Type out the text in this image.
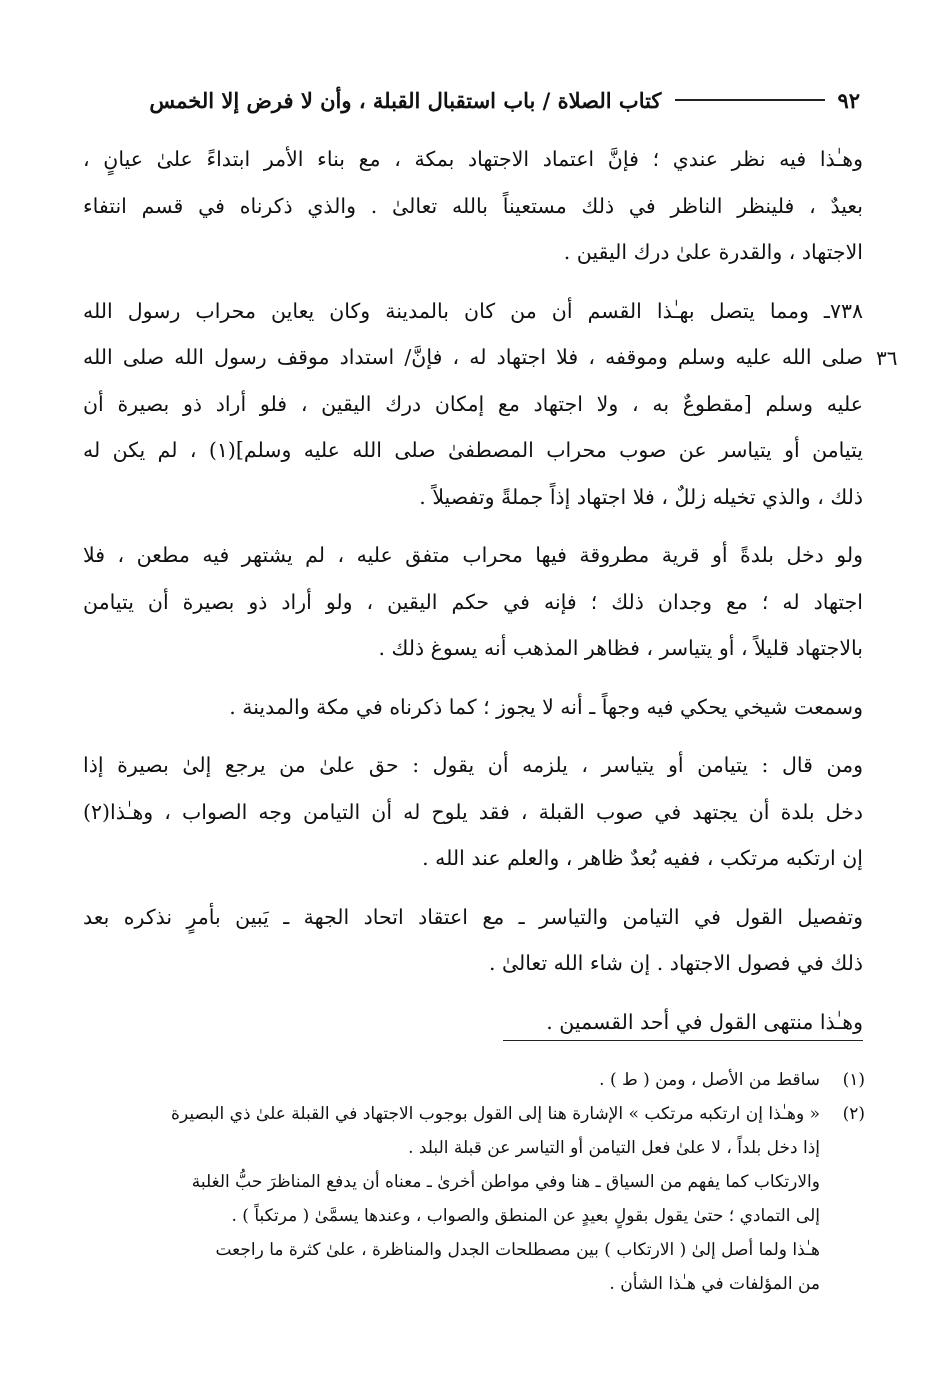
٩٢
كتاب الصلاة / باب استقبال القبلة ، وأن لا فرض إلا الخمس
٣٦

وهـٰذا فيه نظر عندي ؛ فإنَّ اعتماد الاجتهاد بمكة ، مع بناء الأمر ابتداءً علىٰ عيانٍ ،
بعيدٌ ، فلينظر الناظر في ذلك مستعيناً بالله تعالىٰ . والذي ذكرناه في قسم انتفاء
الاجتهاد ، والقدرة علىٰ درك اليقين .

٧٣٨ـ ومما يتصل بهـٰذا القسم أن من كان بالمدينة وكان يعاين محراب رسول الله
صلى الله عليه وسلم وموقفه ، فلا اجتهاد له ، فإنَّ/ استداد موقف رسول الله صلى الله
عليه وسلم [مقطوعٌ به ، ولا اجتهاد مع إمكان درك اليقين ، فلو أراد ذو بصيرة أن
يتيامن أو يتياسر عن صوب محراب المصطفىٰ صلى الله عليه وسلم](١) ، لم يكن له
ذلك ، والذي تخيله زللٌ ، فلا اجتهاد إذاً جملةً وتفصيلاً .

ولو دخل بلدةً أو قرية مطروقة فيها محراب متفق عليه ، لم يشتهر فيه مطعن ، فلا
اجتهاد له ؛ مع وجدان ذلك ؛ فإنه في حكم اليقين ، ولو أراد ذو بصيرة أن يتيامن
بالاجتهاد قليلاً ، أو يتياسر ، فظاهر المذهب أنه يسوغ ذلك .

وسمعت شيخي يحكي فيه وجهاً ـ أنه لا يجوز ؛ كما ذكرناه في مكة والمدينة .

ومن قال : يتيامن أو يتياسر ، يلزمه أن يقول : حق علىٰ من يرجع إلىٰ بصيرة إذا
دخل بلدة أن يجتهد في صوب القبلة ، فقد يلوح له أن التيامن وجه الصواب ، وهـٰذا(٢)
إن ارتكبه مرتكب ، ففيه بُعدٌ ظاهر ، والعلم عند الله .

وتفصيل القول في التيامن والتياسر ـ مع اعتقاد اتحاد الجهة ـ يَبين بأمرٍ نذكره بعد
ذلك في فصول الاجتهاد . إن شاء الله تعالىٰ .

وهـٰذا منتهى القول في أحد القسمين .

(١)
ساقط من الأصل ، ومن ( ط ) .
(٢)
« وهـٰذا إن ارتكبه مرتكب » الإشارة هنا إلى القول بوجوب الاجتهاد في القبلة علىٰ ذي البصيرة
إذا دخل بلداً ، لا علىٰ فعل التيامن أو التياسر عن قبلة البلد .
والارتكاب كما يفهم من السياق ـ هنا وفي مواطن أخرىٰ ـ معناه أن يدفع المناظرَ حبُّ الغلبة
إلى التمادي ؛ حتىٰ يقول بقولٍ بعيدٍ عن المنطق والصواب ، وعندها يسمَّىٰ ( مرتكباً ) .
هـٰذا ولما أصل إلىٰ ( الارتكاب ) بين مصطلحات الجدل والمناظرة ، علىٰ كثرة ما راجعت
من المؤلفات في هـٰذا الشأن .
